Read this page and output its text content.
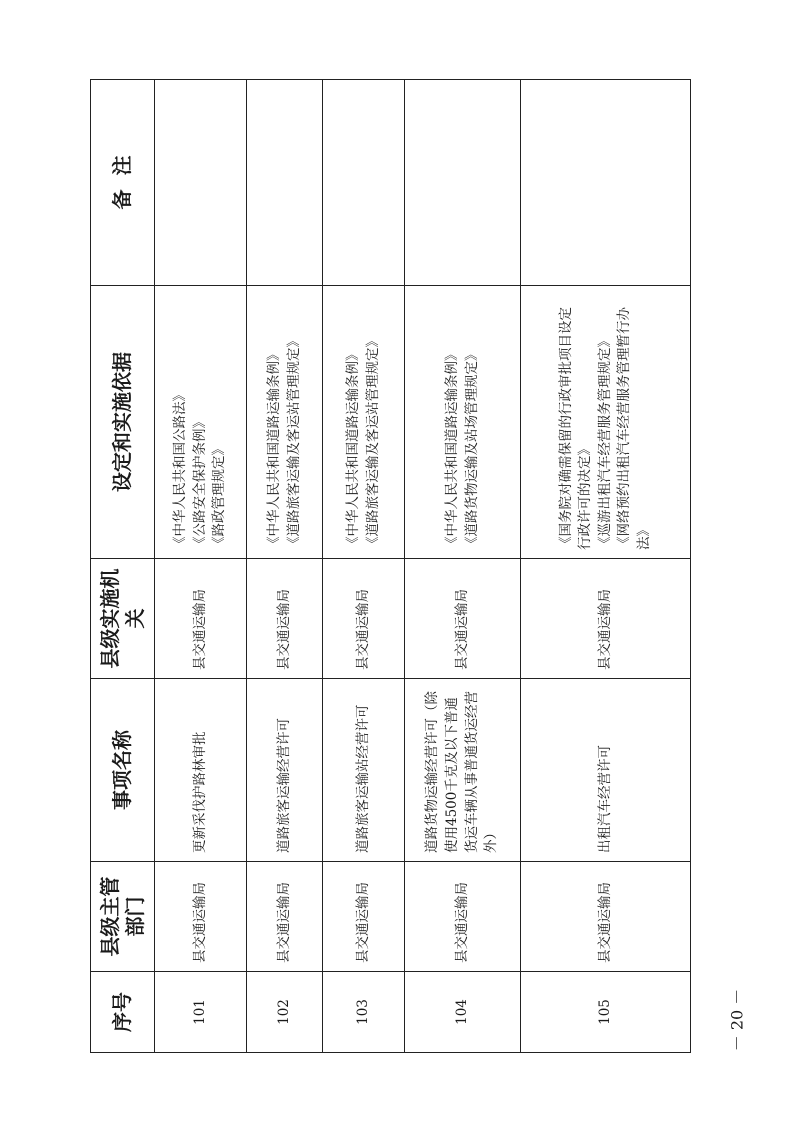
序号	县级主管部门	事项名称	县级实施机关	设定和实施依据	备  注
101	县交通运输局	更新采伐护路林审批	县交通运输局	《中华人民共和国公路法》 《公路安全保护条例》 《路政管理规定》	

102	县交通运输局	道路旅客运输经营许可	县交通运输局	《中华人民共和国道路运输条例》 《道路旅客运输及客运站管理规定》	

103	县交通运输局	道路旅客运输站经营许可	县交通运输局	《中华人民共和国道路运输条例》 《道路旅客运输及客运站管理规定》	

104	县交通运输局	道路货物运输经营许可（除使用4500千克及以下普通货运车辆从事普通货运经营外）	县交通运输局	《中华人民共和国道路运输条例》 《道路货物运输及站场管理规定》	

105	县交通运输局	出租汽车经营许可	县交通运输局	《国务院对确需保留的行政审批项目设定行政许可的决定》 《巡游出租汽车经营服务管理规定》 《网络预约出租汽车经营服务管理暂行办法》	

－ 20 －
